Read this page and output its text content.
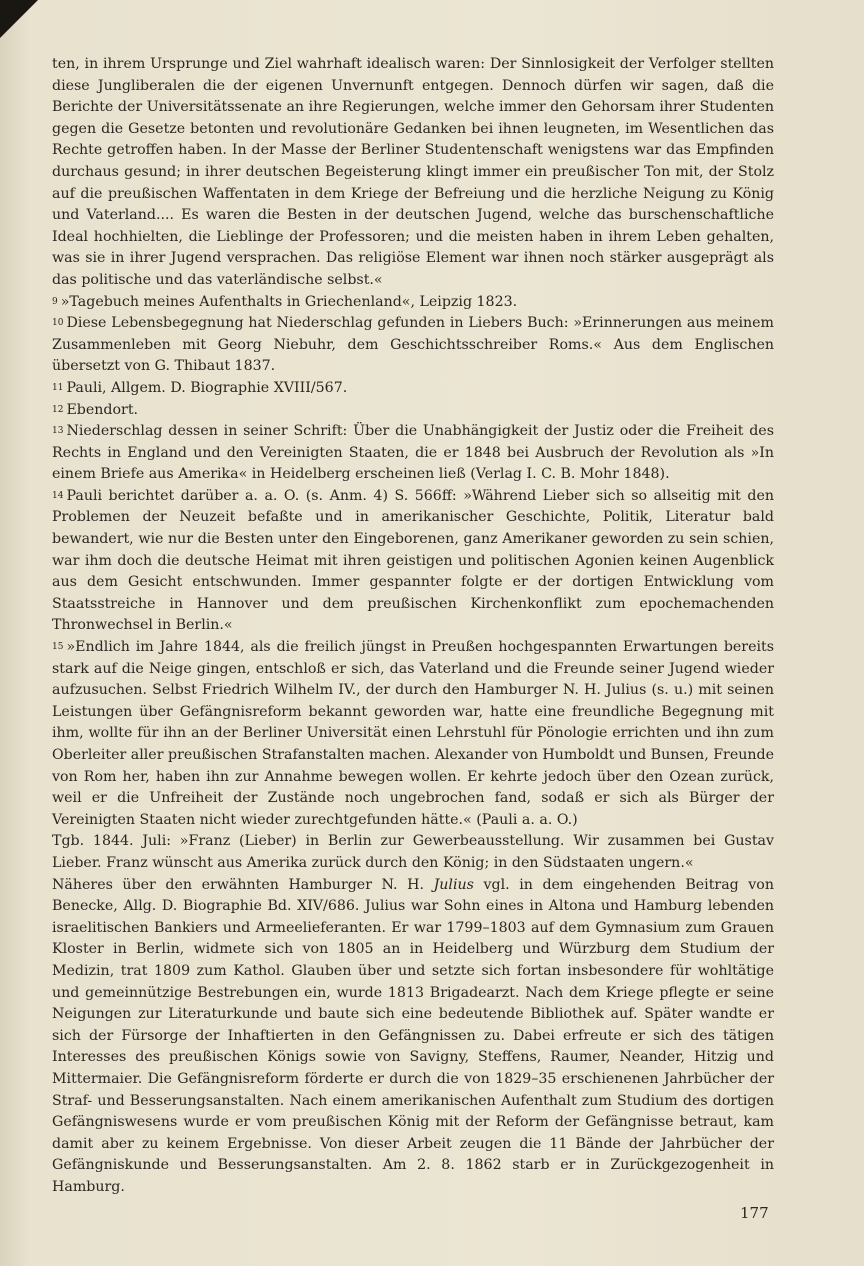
ten, in ihrem Ursprunge und Ziel wahrhaft idealisch waren: Der Sinnlosigkeit der Verfolger stellten diese Jungliberalen die der eigenen Unvernunft entgegen. Dennoch dürfen wir sagen, daß die Berichte der Universitätssenate an ihre Regierungen, welche immer den Gehorsam ihrer Studenten gegen die Gesetze betonten und revolutionäre Gedanken bei ihnen leugneten, im Wesentlichen das Rechte getroffen haben. In der Masse der Berliner Studentenschaft wenigstens war das Empfinden durchaus gesund; in ihrer deutschen Begeisterung klingt immer ein preußischer Ton mit, der Stolz auf die preußischen Waffentaten in dem Kriege der Befreiung und die herzliche Neigung zu König und Vaterland.... Es waren die Besten in der deutschen Jugend, welche das burschenschaftliche Ideal hochhielten, die Lieblinge der Professoren; und die meisten haben in ihrem Leben gehalten, was sie in ihrer Jugend versprachen. Das religiöse Element war ihnen noch stärker ausgeprägt als das politische und das vaterländische selbst.«

9 »Tagebuch meines Aufenthalts in Griechenland«, Leipzig 1823.

10 Diese Lebensbegegnung hat Niederschlag gefunden in Liebers Buch: »Erinnerungen aus meinem Zusammenleben mit Georg Niebuhr, dem Geschichtsschreiber Roms.« Aus dem Englischen übersetzt von G. Thibaut 1837.

11 Pauli, Allgem. D. Biographie XVIII/567.

12 Ebendort.

13 Niederschlag dessen in seiner Schrift: Über die Unabhängigkeit der Justiz oder die Freiheit des Rechts in England und den Vereinigten Staaten, die er 1848 bei Ausbruch der Revolution als »In einem Briefe aus Amerika« in Heidelberg erscheinen ließ (Verlag I. C. B. Mohr 1848).

14 Pauli berichtet darüber a. a. O. (s. Anm. 4) S. 566ff: »Während Lieber sich so allseitig mit den Problemen der Neuzeit befaßte und in amerikanischer Geschichte, Politik, Literatur bald bewandert, wie nur die Besten unter den Eingeborenen, ganz Amerikaner geworden zu sein schien, war ihm doch die deutsche Heimat mit ihren geistigen und politischen Agonien keinen Augenblick aus dem Gesicht entschwunden. Immer gespannter folgte er der dortigen Entwicklung vom Staatsstreiche in Hannover und dem preußischen Kirchenkonflikt zum epochemachenden Thronwechsel in Berlin.«

15 »Endlich im Jahre 1844, als die freilich jüngst in Preußen hochgespannten Erwartungen bereits stark auf die Neige gingen, entschloß er sich, das Vaterland und die Freunde seiner Jugend wieder aufzusuchen. Selbst Friedrich Wilhelm IV., der durch den Hamburger N. H. Julius (s. u.) mit seinen Leistungen über Gefängnisreform bekannt geworden war, hatte eine freundliche Begegnung mit ihm, wollte für ihn an der Berliner Universität einen Lehrstuhl für Pönologie errichten und ihn zum Oberleiter aller preußischen Strafanstalten machen. Alexander von Humboldt und Bunsen, Freunde von Rom her, haben ihn zur Annahme bewegen wollen. Er kehrte jedoch über den Ozean zurück, weil er die Unfreiheit der Zustände noch ungebrochen fand, sodaß er sich als Bürger der Vereinigten Staaten nicht wieder zurechtgefunden hätte.« (Pauli a. a. O.)

Tgb. 1844. Juli: »Franz (Lieber) in Berlin zur Gewerbeausstellung. Wir zusammen bei Gustav Lieber. Franz wünscht aus Amerika zurück durch den König; in den Südstaaten ungern.«

Näheres über den erwähnten Hamburger N. H. Julius vgl. in dem eingehenden Beitrag von Benecke, Allg. D. Biographie Bd. XIV/686. Julius war Sohn eines in Altona und Hamburg lebenden israelitischen Bankiers und Armeelieferanten. Er war 1799–1803 auf dem Gymnasium zum Grauen Kloster in Berlin, widmete sich von 1805 an in Heidelberg und Würzburg dem Studium der Medizin, trat 1809 zum Kathol. Glauben über und setzte sich fortan insbesondere für wohltätige und gemeinnützige Bestrebungen ein, wurde 1813 Brigadearzt. Nach dem Kriege pflegte er seine Neigungen zur Literaturkunde und baute sich eine bedeutende Bibliothek auf. Später wandte er sich der Fürsorge der Inhaftierten in den Gefängnissen zu. Dabei erfreute er sich des tätigen Interesses des preußischen Königs sowie von Savigny, Steffens, Raumer, Neander, Hitzig und Mittermaier. Die Gefängnisreform förderte er durch die von 1829–35 erschienenen Jahrbücher der Straf- und Besserungsanstalten. Nach einem amerikanischen Aufenthalt zum Studium des dortigen Gefängniswesens wurde er vom preußischen König mit der Reform der Gefängnisse betraut, kam damit aber zu keinem Ergebnisse. Von dieser Arbeit zeugen die 11 Bände der Jahrbücher der Gefängniskunde und Besserungsanstalten. Am 2. 8. 1862 starb er in Zurückgezogenheit in Hamburg.

177
